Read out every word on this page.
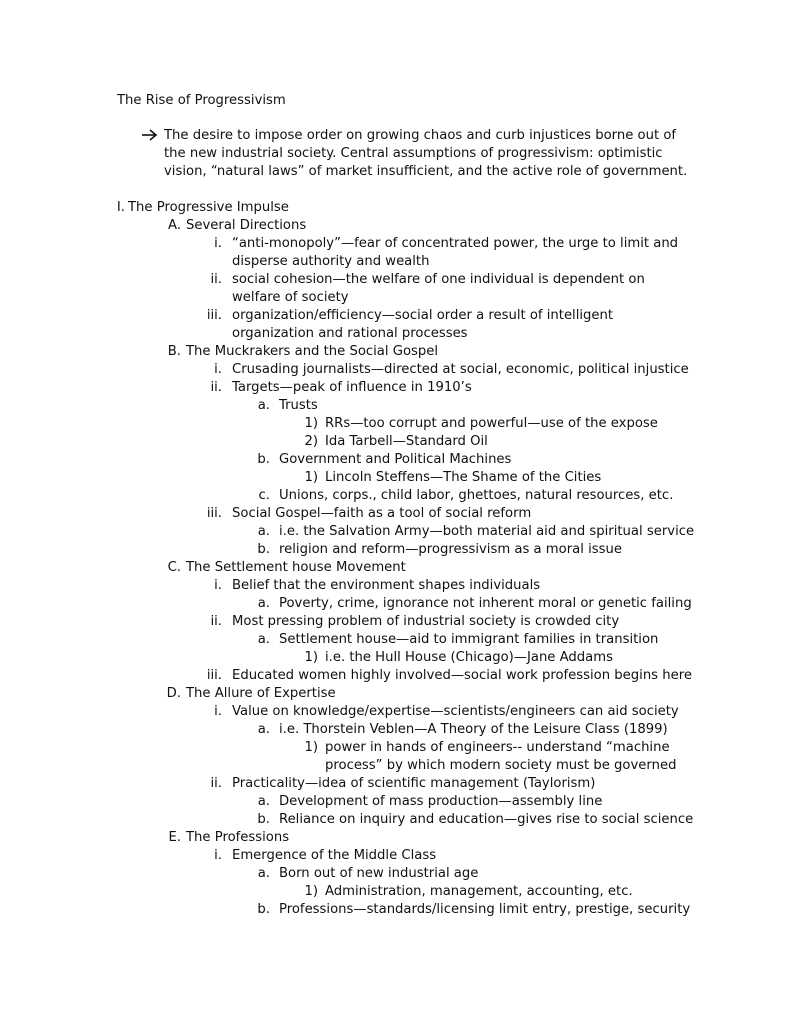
The Rise of Progressivism
The desire to impose order on growing chaos and curb injustices borne out of
the new industrial society. Central assumptions of progressivism: optimistic
vision, “natural laws” of market insufficient, and the active role of government.
I. The Progressive Impulse
A. Several Directions
i. “anti-monopoly”—fear of concentrated power, the urge to limit and
disperse authority and wealth
ii. social cohesion—the welfare of one individual is dependent on
welfare of society
iii. organization/efficiency—social order a result of intelligent
organization and rational processes
B. The Muckrakers and the Social Gospel
i. Crusading journalists—directed at social, economic, political injustice
ii. Targets—peak of influence in 1910’s
a. Trusts
1) RRs—too corrupt and powerful—use of the expose
2) Ida Tarbell—Standard Oil
b. Government and Political Machines
1) Lincoln Steffens—The Shame of the Cities
c. Unions, corps., child labor, ghettoes, natural resources, etc.
iii. Social Gospel—faith as a tool of social reform
a. i.e. the Salvation Army—both material aid and spiritual service
b. religion and reform—progressivism as a moral issue
C. The Settlement house Movement
i. Belief that the environment shapes individuals
a. Poverty, crime, ignorance not inherent moral or genetic failing
ii. Most pressing problem of industrial society is crowded city
a. Settlement house—aid to immigrant families in transition
1) i.e. the Hull House (Chicago)—Jane Addams
iii. Educated women highly involved—social work profession begins here
D. The Allure of Expertise
i. Value on knowledge/expertise—scientists/engineers can aid society
a. i.e. Thorstein Veblen—A Theory of the Leisure Class (1899)
1) power in hands of engineers-- understand “machine
process” by which modern society must be governed
ii. Practicality—idea of scientific management (Taylorism)
a. Development of mass production—assembly line
b. Reliance on inquiry and education—gives rise to social science
E. The Professions
i. Emergence of the Middle Class
a. Born out of new industrial age
1) Administration, management, accounting, etc.
b. Professions—standards/licensing limit entry, prestige, security
